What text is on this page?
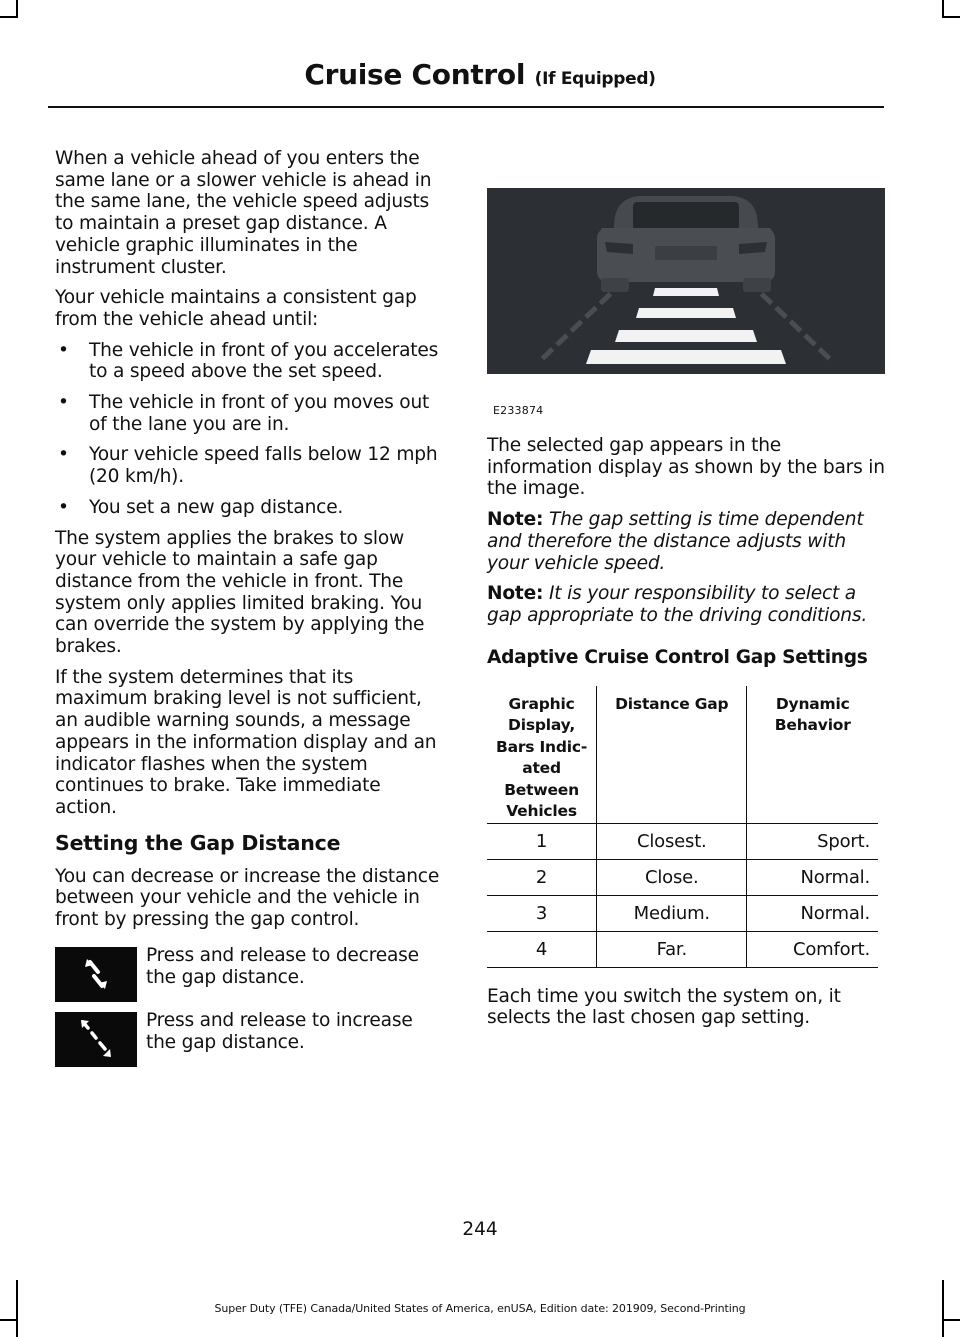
Cruise Control (If Equipped)

When a vehicle ahead of you enters the same lane or a slower vehicle is ahead in the same lane, the vehicle speed adjusts to maintain a preset gap distance. A vehicle graphic illuminates in the instrument cluster.

Your vehicle maintains a consistent gap from the vehicle ahead until:

• The vehicle in front of you accelerates to a speed above the set speed.
• The vehicle in front of you moves out of the lane you are in.
• Your vehicle speed falls below 12 mph (20 km/h).
• You set a new gap distance.

The system applies the brakes to slow your vehicle to maintain a safe gap distance from the vehicle in front. The system only applies limited braking. You can override the system by applying the brakes.

If the system determines that its maximum braking level is not sufficient, an audible warning sounds, a message appears in the information display and an indicator flashes when the system continues to brake. Take immediate action.

Setting the Gap Distance

You can decrease or increase the distance between your vehicle and the vehicle in front by pressing the gap control.

Press and release to decrease the gap distance.
Press and release to increase the gap distance.
E233874

The selected gap appears in the information display as shown by the bars in the image.

Note: The gap setting is time dependent and therefore the distance adjusts with your vehicle speed.

Note: It is your responsibility to select a gap appropriate to the driving conditions.

Adaptive Cruise Control Gap Settings
Graphic Display, Bars Indic-ated Between Vehicles	Distance Gap	Dynamic Behavior
1	Closest.	Sport.
2	Close.	Normal.
3	Medium.	Normal.
4	Far.	Comfort.

Each time you switch the system on, it selects the last chosen gap setting.

244
Super Duty (TFE) Canada/United States of America, enUSA, Edition date: 201909, Second-Printing
